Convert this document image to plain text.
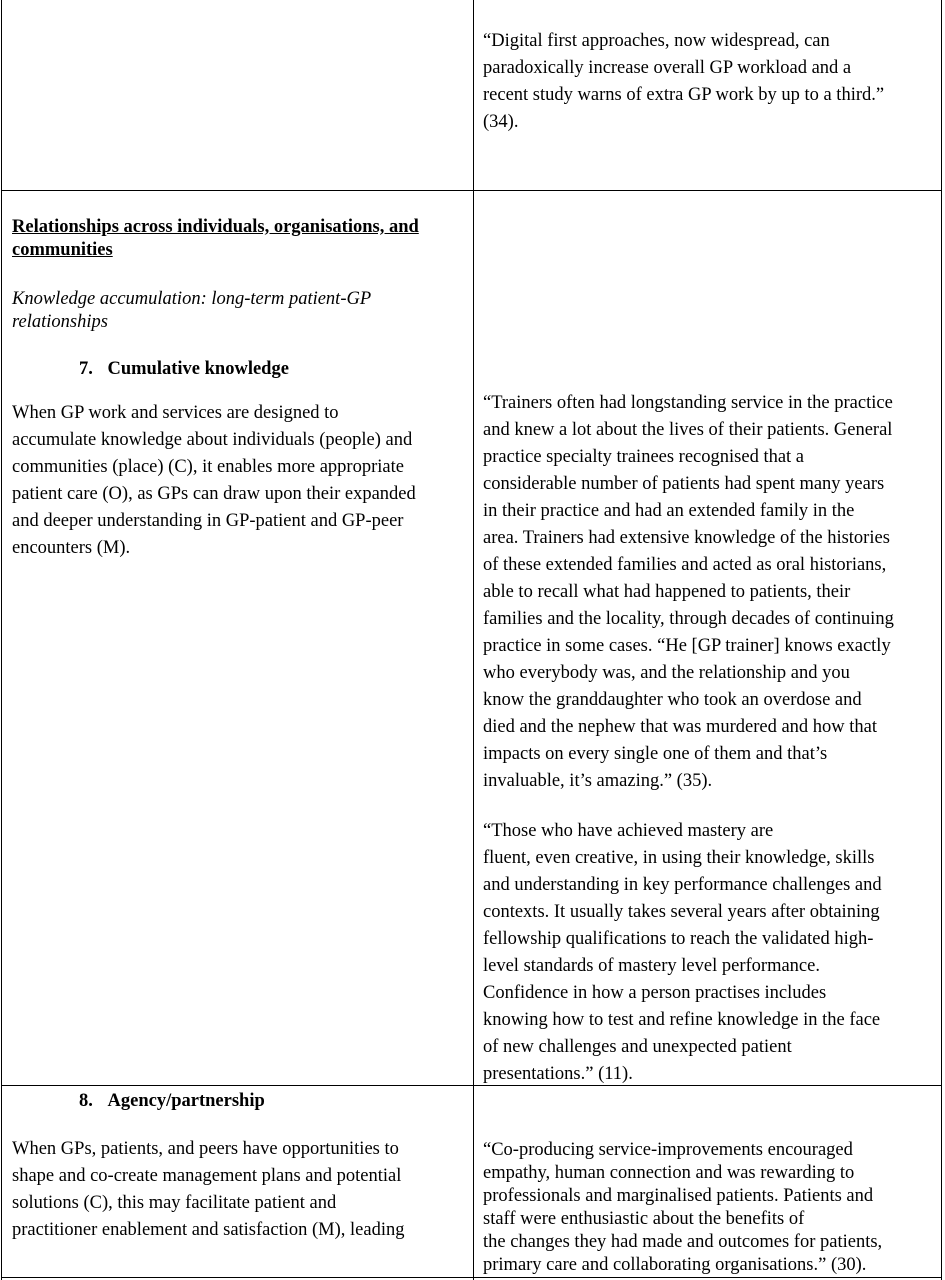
“Digital first approaches, now widespread, can
paradoxically increase overall GP workload and a
recent study warns of extra GP work by up to a third.”
(34).
Relationships across individuals, organisations, and
communities
Knowledge accumulation: long-term patient-GP
relationships
7. Cumulative knowledge
When GP work and services are designed to
accumulate knowledge about individuals (people) and
communities (place) (C), it enables more appropriate
patient care (O), as GPs can draw upon their expanded
and deeper understanding in GP-patient and GP-peer
encounters (M).
“Trainers often had longstanding service in the practice
and knew a lot about the lives of their patients. General
practice specialty trainees recognised that a
considerable number of patients had spent many years
in their practice and had an extended family in the
area. Trainers had extensive knowledge of the histories
of these extended families and acted as oral historians,
able to recall what had happened to patients, their
families and the locality, through decades of continuing
practice in some cases. “He [GP trainer] knows exactly
who everybody was, and the relationship and you
know the granddaughter who took an overdose and
died and the nephew that was murdered and how that
impacts on every single one of them and that’s
invaluable, it’s amazing.” (35).
“Those who have achieved mastery are
fluent, even creative, in using their knowledge, skills
and understanding in key performance challenges and
contexts. It usually takes several years after obtaining
fellowship qualifications to reach the validated high-
level standards of mastery level performance.
Confidence in how a person practises includes
knowing how to test and refine knowledge in the face
of new challenges and unexpected patient
presentations.” (11).
8. Agency/partnership
When GPs, patients, and peers have opportunities to
shape and co-create management plans and potential
solutions (C), this may facilitate patient and
practitioner enablement and satisfaction (M), leading
“Co-producing service-improvements encouraged
empathy, human connection and was rewarding to
professionals and marginalised patients. Patients and
staff were enthusiastic about the benefits of
the changes they had made and outcomes for patients,
primary care and collaborating organisations.” (30).
